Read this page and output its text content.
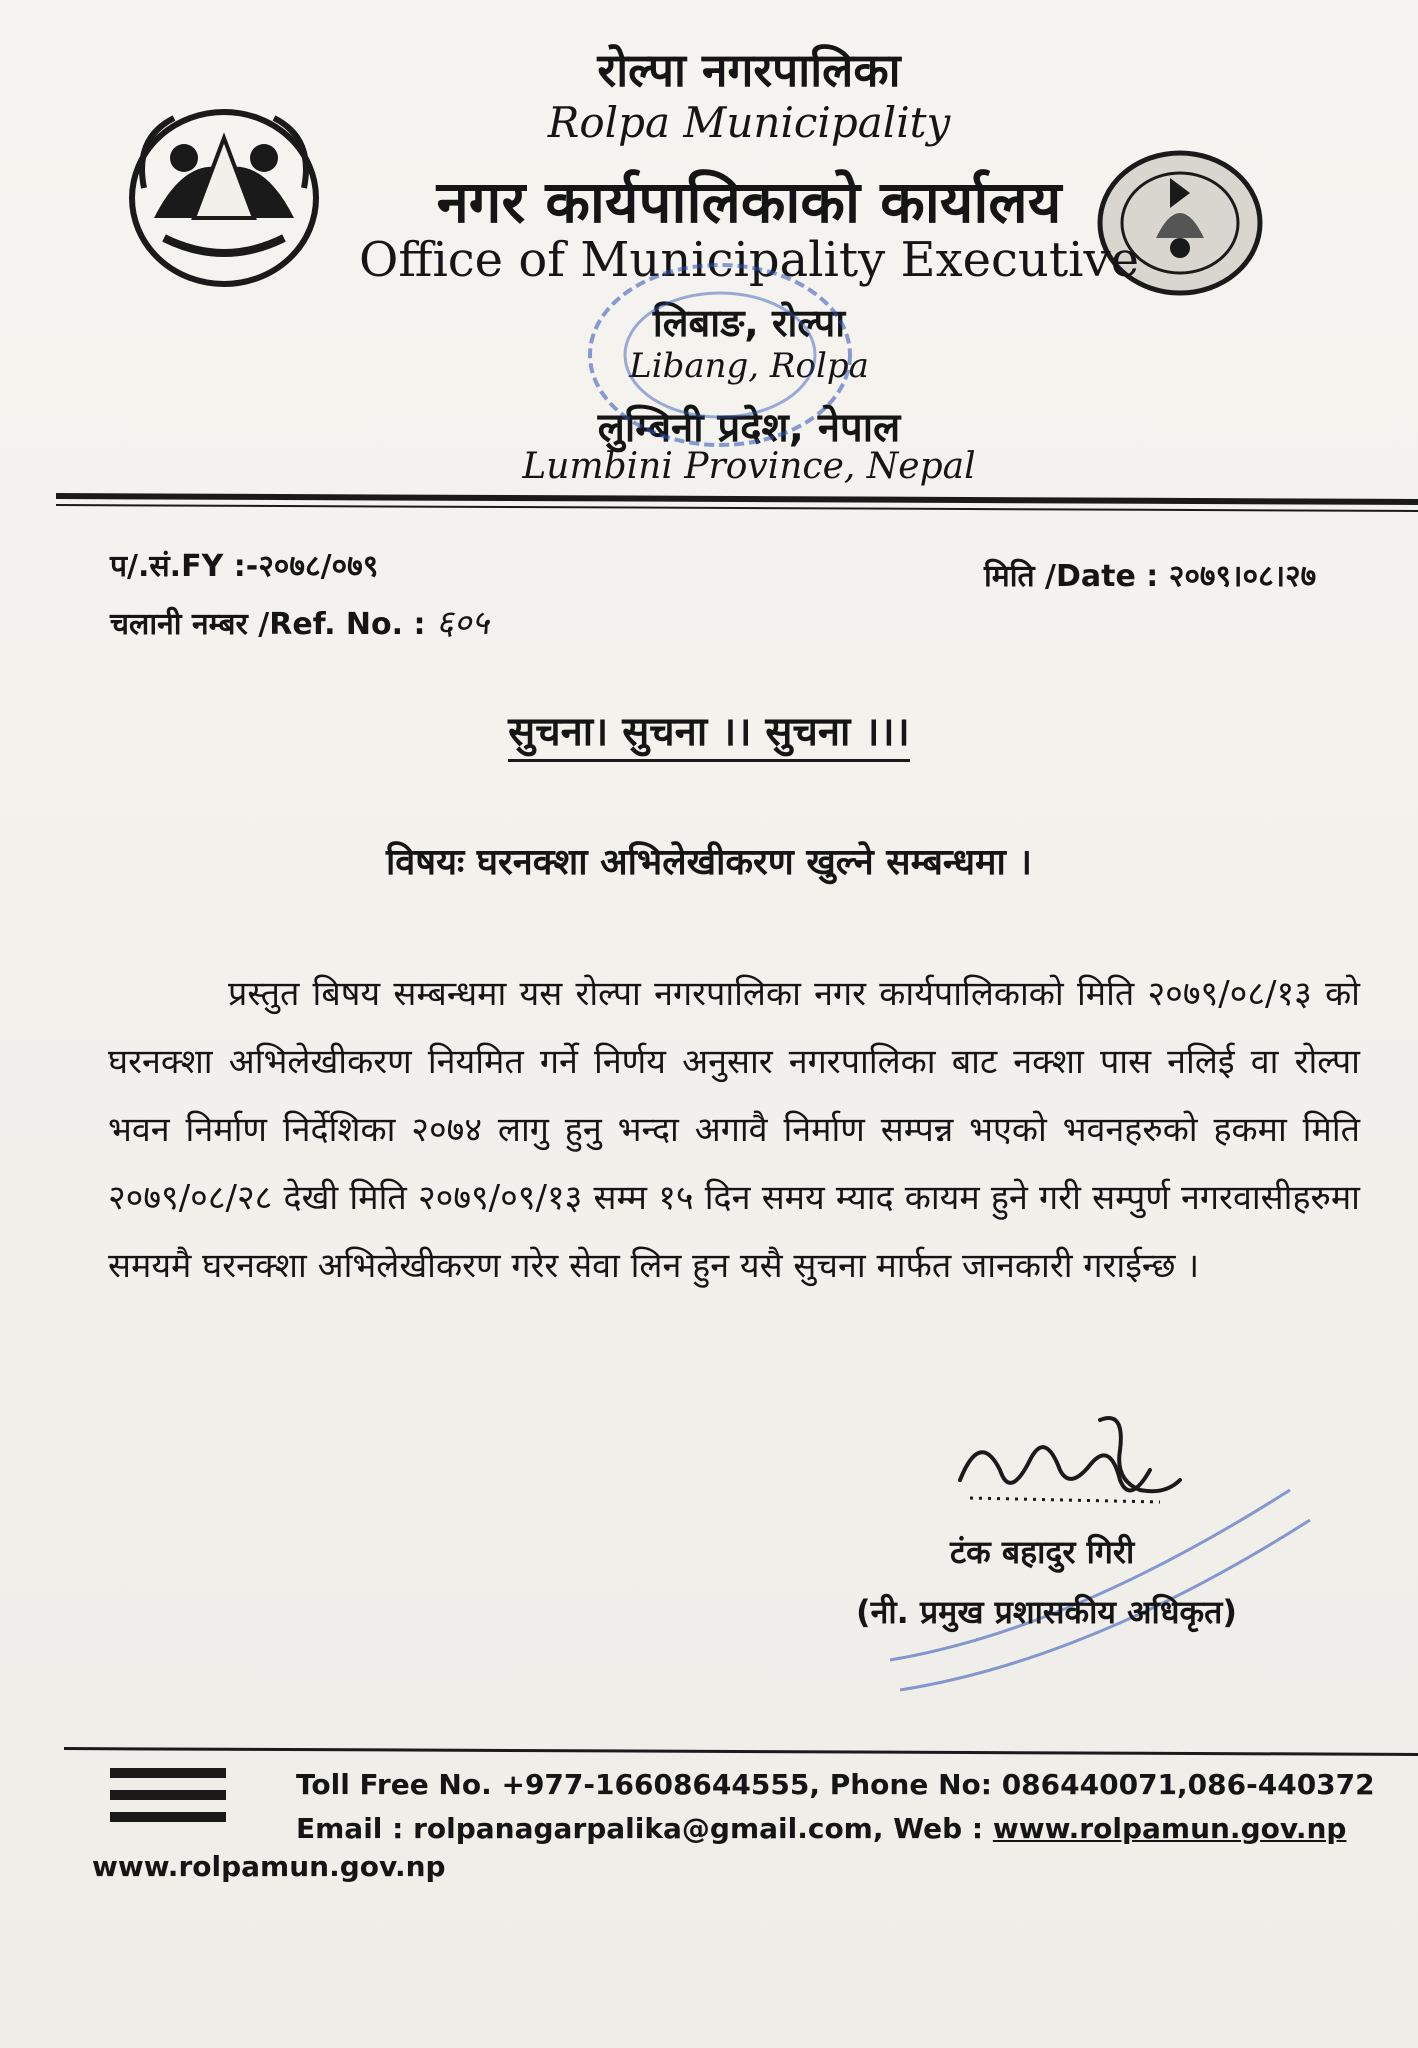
रोल्पा नगरपालिका
Rolpa Municipality
नगर कार्यपालिकाको कार्यालय
Office of Municipality Executive
लिबाङ, रोल्पा
Libang, Rolpa
लुम्बिनी प्रदेश, नेपाल
Lumbini Province, Nepal
प/.सं.FY :-२०७८/०७९
चलानी नम्बर /Ref. No. : ६०५
मिति /Date : २०७९।०८।२७
सुचना। सुचना ।। सुचना ।।।
विषयः घरनक्शा अभिलेखीकरण खुल्ने सम्बन्धमा ।
प्रस्तुत बिषय सम्बन्धमा यस रोल्पा नगरपालिका नगर कार्यपालिकाको मिति २०७९/०८/१३ को घरनक्शा अभिलेखीकरण नियमित गर्ने निर्णय अनुसार नगरपालिका बाट नक्शा पास नलिई वा रोल्पा भवन निर्माण निर्देशिका २०७४ लागु हुनु भन्दा अगावै निर्माण सम्पन्न भएको भवनहरुको हकमा मिति २०७९/०८/२८ देखी मिति २०७९/०९/१३ सम्म १५ दिन समय म्याद कायम हुने गरी सम्पुर्ण नगरवासीहरुमा समयमै घरनक्शा अभिलेखीकरण गरेर सेवा लिन हुन यसै सुचना मार्फत जानकारी गराईन्छ ।
टंक बहादुर गिरी
(नी. प्रमुख प्रशासकीय अधिकृत)
Toll Free No. +977-16608644555, Phone No: 086440071,086-440372
Email : rolpanagarpalika@gmail.com, Web : www.rolpamun.gov.np
www.rolpamun.gov.np
